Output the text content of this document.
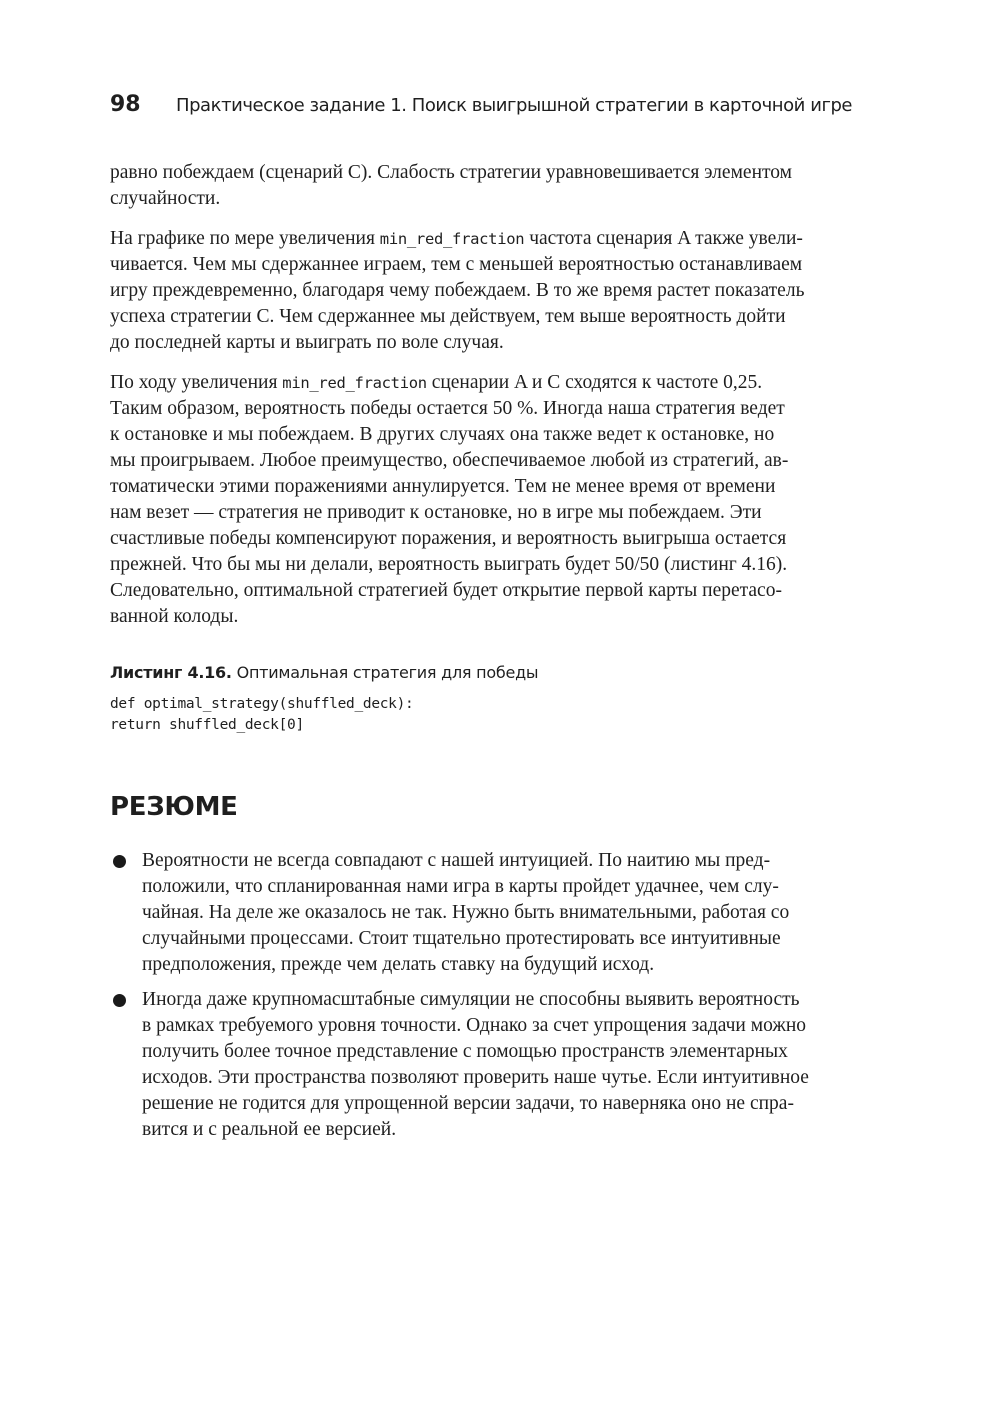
98	Практическое задание 1. Поиск выигрышной стратегии в карточной игре

равно побеждаем (сценарий C). Слабость стратегии уравновешивается элементом
случайности.

На графике по мере увеличения min_red_fraction частота сценария A также увели-
чивается. Чем мы сдержаннее играем, тем с меньшей вероятностью останавливаем
игру преждевременно, благодаря чему побеждаем. В то же время растет показатель
успеха стратегии C. Чем сдержаннее мы действуем, тем выше вероятность дойти
до последней карты и выиграть по воле случая.

По ходу увеличения min_red_fraction сценарии A и C сходятся к частоте 0,25.
Таким образом, вероятность победы остается 50 %. Иногда наша стратегия ведет
к остановке и мы побеждаем. В других случаях она также ведет к остановке, но
мы проигрываем. Любое преимущество, обеспечиваемое любой из стратегий, ав-
томатически этими поражениями аннулируется. Тем не менее время от времени
нам везет — стратегия не приводит к остановке, но в игре мы побеждаем. Эти
счастливые победы компенсируют поражения, и вероятность выигрыша остается
прежней. Что бы мы ни делали, вероятность выиграть будет 50/50 (листинг 4.16).
Следовательно, оптимальной стратегией будет открытие первой карты перетасо-
ванной колоды.

Листинг 4.16. Оптимальная стратегия для победы
def optimal_strategy(shuffled_deck):
return shuffled_deck[0]
РЕЗЮМЕ
Вероятности не всегда совпадают с нашей интуицией. По наитию мы пред-
положили, что спланированная нами игра в карты пройдет удачнее, чем слу-
чайная. На деле же оказалось не так. Нужно быть внимательными, работая со
случайными процессами. Стоит тщательно протестировать все интуитивные
предположения, прежде чем делать ставку на будущий исход.
Иногда даже крупномасштабные симуляции не способны выявить вероятность
в рамках требуемого уровня точности. Однако за счет упрощения задачи можно
получить более точное представление с помощью пространств элементарных
исходов. Эти пространства позволяют проверить наше чутье. Если интуитивное
решение не годится для упрощенной версии задачи, то наверняка оно не спра-
вится и с реальной ее версией.
